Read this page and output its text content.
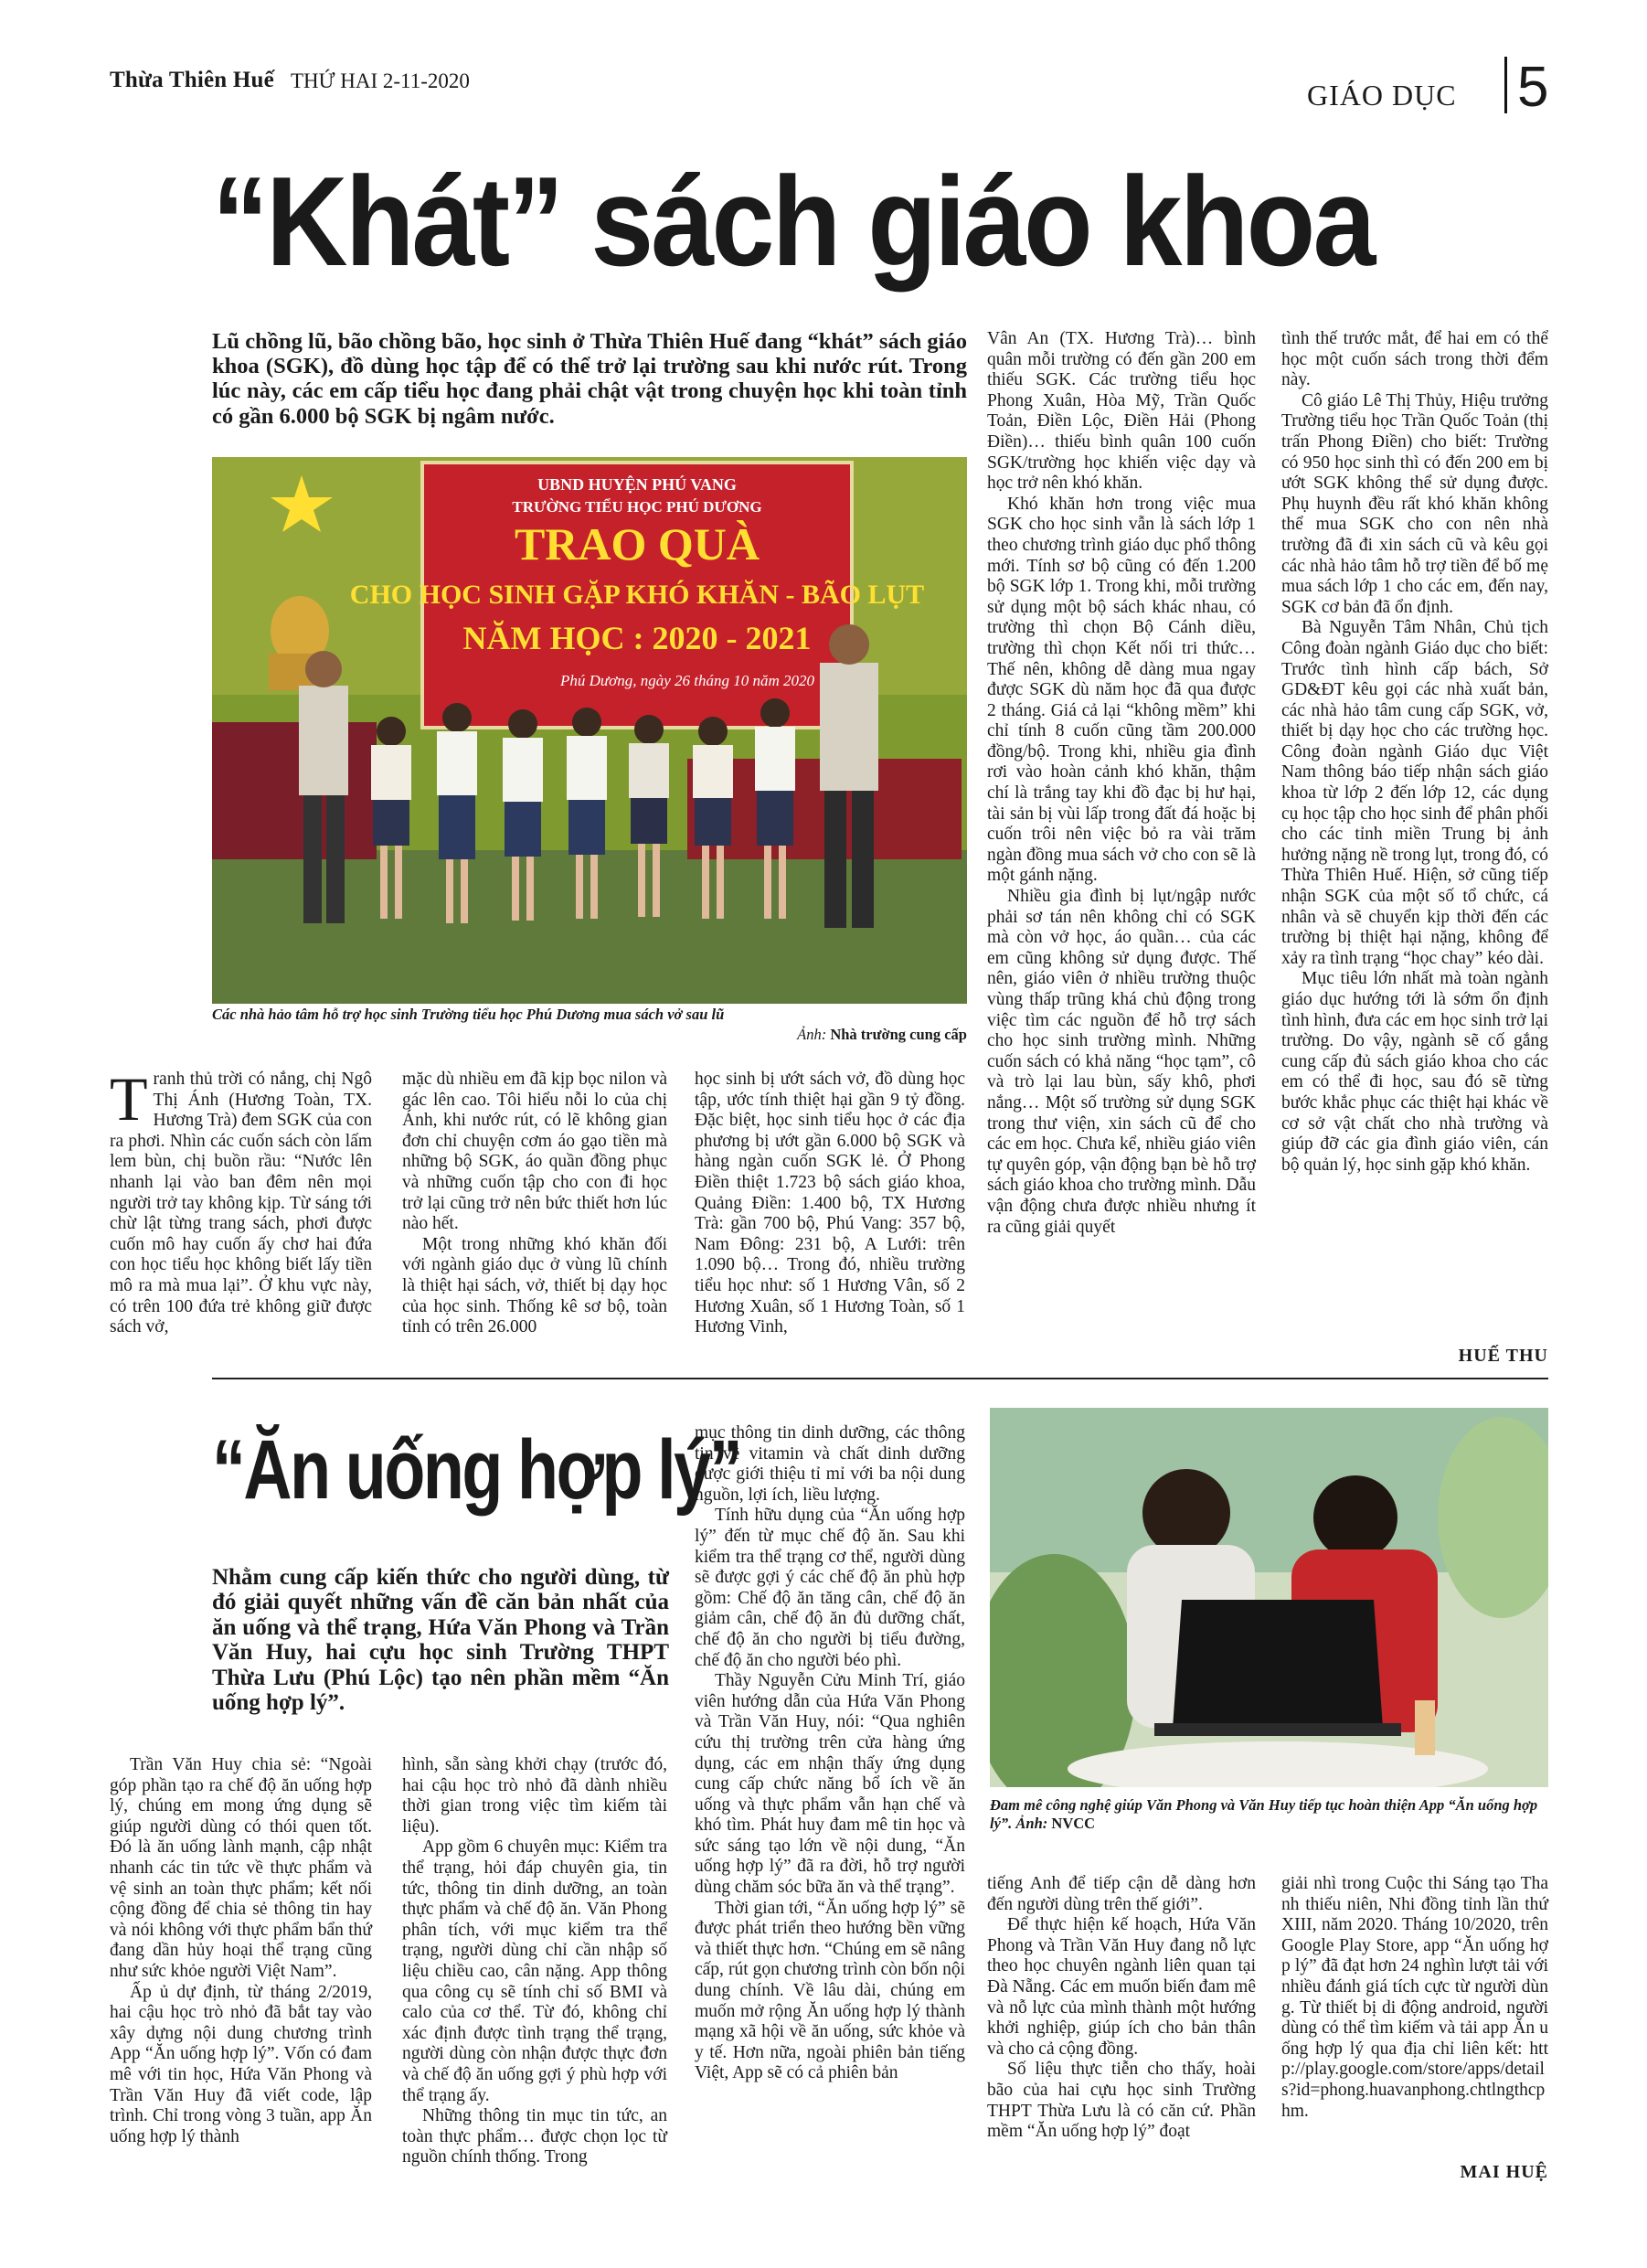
Thừa Thiên Huế THỨ HAI 2-11-2020	GIÁO DỤC 5
“Khát” sách giáo khoa
Lũ chồng lũ, bão chồng bão, học sinh ở Thừa Thiên Huế đang “khát” sách giáo khoa (SGK), đồ dùng học tập để có thể trở lại trường sau khi nước rút. Trong lúc này, các em cấp tiểu học đang phải chật vật trong chuyện học khi toàn tỉnh có gần 6.000 bộ SGK bị ngâm nước.
UBND HUYỆN PHÚ VANG
TRƯỜNG TIỂU HỌC PHÚ DƯƠNG
TRAO QUÀ
CHO HỌC SINH GẶP KHÓ KHĂN - BÃO LỤT
NĂM HỌC : 2020 - 2021
Phú Dương, ngày 26 tháng 10 năm 2020
Các nhà hảo tâm hỗ trợ học sinh Trường tiểu học Phú Dương mua sách vở sau lũ
Ảnh: Nhà trường cung cấp

Tranh thủ trời có nắng, chị Ngô Thị Ánh (Hương Toàn, TX. Hương Trà) đem SGK của con ra phơi. Nhìn các cuốn sách còn lấm lem bùn, chị buồn rầu: “Nước lên nhanh lại vào ban đêm nên mọi người trở tay không kịp. Từ sáng tới chừ lật từng trang sách, phơi được cuốn mô hay cuốn ấy chơ hai đứa con học tiểu học không biết lấy tiền mô ra mà mua lại”. Ở khu vực này, có trên 100 đứa trẻ không giữ được sách vở,

mặc dù nhiều em đã kịp bọc nilon và gác lên cao. Tôi hiểu nỗi lo của chị Ánh, khi nước rút, có lẽ không gian đơn chỉ chuyện cơm áo gạo tiền mà những bộ SGK, áo quần đồng phục và những cuốn tập cho con đi học trở lại cũng trở nên bức thiết hơn lúc nào hết.

Một trong những khó khăn đối với ngành giáo dục ở vùng lũ chính là thiệt hại sách, vở, thiết bị dạy học của học sinh. Thống kê sơ bộ, toàn tỉnh có trên 26.000

học sinh bị ướt sách vở, đồ dùng học tập, ước tính thiệt hại gần 9 tỷ đồng. Đặc biệt, học sinh tiểu học ở các địa phương bị ướt gần 6.000 bộ SGK và hàng ngàn cuốn SGK lẻ. Ở Phong Điền thiệt 1.723 bộ sách giáo khoa, Quảng Điền: 1.400 bộ, TX Hương Trà: gần 700 bộ, Phú Vang: 357 bộ, Nam Đông: 231 bộ, A Lưới: trên 1.090 bộ… Trong đó, nhiều trường tiểu học như: số 1 Hương Vân, số 2 Hương Xuân, số 1 Hương Toàn, số 1 Hương Vinh,

Vân An (TX. Hương Trà)… bình quân mỗi trường có đến gần 200 em thiếu SGK. Các trường tiểu học Phong Xuân, Hòa Mỹ, Trần Quốc Toản, Điền Lộc, Điền Hải (Phong Điền)… thiếu bình quân 100 cuốn SGK/trường học khiến việc dạy và học trở nên khó khăn.

Khó khăn hơn trong việc mua SGK cho học sinh vẫn là sách lớp 1 theo chương trình giáo dục phổ thông mới. Tính sơ bộ cũng có đến 1.200 bộ SGK lớp 1. Trong khi, mỗi trường sử dụng một bộ sách khác nhau, có trường thì chọn Bộ Cánh diều, trường thì chọn Kết nối tri thức… Thế nên, không dễ dàng mua ngay được SGK dù năm học đã qua được 2 tháng. Giá cả lại “không mềm” khi chỉ tính 8 cuốn cũng tầm 200.000 đồng/bộ. Trong khi, nhiều gia đình rơi vào hoàn cảnh khó khăn, thậm chí là trắng tay khi đồ đạc bị hư hại, tài sản bị vùi lấp trong đất đá hoặc bị cuốn trôi nên việc bỏ ra vài trăm ngàn đồng mua sách vở cho con sẽ là một gánh nặng.

Nhiều gia đình bị lụt/ngập nước phải sơ tán nên không chỉ có SGK mà còn vở học, áo quần… của các em cũng không sử dụng được. Thế nên, giáo viên ở nhiều trường thuộc vùng thấp trũng khá chủ động trong việc tìm các nguồn để hỗ trợ sách cho học sinh trường mình. Những cuốn sách có khả năng “học tạm”, cô và trò lại lau bùn, sấy khô, phơi nắng… Một số trường sử dụng SGK trong thư viện, xin sách cũ để cho các em học. Chưa kể, nhiều giáo viên tự quyên góp, vận động bạn bè hỗ trợ sách giáo khoa cho trường mình. Dẫu vận động chưa được nhiều nhưng ít ra cũng giải quyết

tình thế trước mắt, để hai em có thể học một cuốn sách trong thời đểm này.

Cô giáo Lê Thị Thủy, Hiệu trưởng Trường tiểu học Trần Quốc Toản (thị trấn Phong Điền) cho biết: Trường có 950 học sinh thì có đến 200 em bị ướt SGK không thể sử dụng được. Phụ huynh đều rất khó khăn không thể mua SGK cho con nên nhà trường đã đi xin sách cũ và kêu gọi các nhà hảo tâm hỗ trợ tiền để bố mẹ mua sách lớp 1 cho các em, đến nay, SGK cơ bản đã ổn định.

Bà Nguyễn Tâm Nhân, Chủ tịch Công đoàn ngành Giáo dục cho biết: Trước tình hình cấp bách, Sở GD&ĐT kêu gọi các nhà xuất bản, các nhà hảo tâm cung cấp SGK, vở, thiết bị dạy học cho các trường học. Công đoàn ngành Giáo dục Việt Nam thông báo tiếp nhận sách giáo khoa từ lớp 2 đến lớp 12, các dụng cụ học tập cho học sinh để phân phối cho các tỉnh miền Trung bị ảnh hưởng nặng nề trong lụt, trong đó, có Thừa Thiên Huế. Hiện, sở cũng tiếp nhận SGK của một số tổ chức, cá nhân và sẽ chuyển kịp thời đến các trường bị thiệt hại nặng, không để xảy ra tình trạng “học chay” kéo dài.

Mục tiêu lớn nhất mà toàn ngành giáo dục hướng tới là sớm ổn định tình hình, đưa các em học sinh trở lại trường. Do vậy, ngành sẽ cố gắng cung cấp đủ sách giáo khoa cho các em có thể đi học, sau đó sẽ từng bước khắc phục các thiệt hại khác về cơ sở vật chất cho nhà trường và giúp đỡ các gia đình giáo viên, cán bộ quản lý, học sinh gặp khó khăn.

HUẾ THU
“Ăn uống hợp lý”
Nhằm cung cấp kiến thức cho người dùng, từ đó giải quyết những vấn đề căn bản nhất của ăn uống và thể trạng, Hứa Văn Phong và Trần Văn Huy, hai cựu học sinh Trường THPT Thừa Lưu (Phú Lộc) tạo nên phần mềm “Ăn uống hợp lý”.
Đam mê công nghệ giúp Văn Phong và Văn Huy tiếp tục hoàn thiện App “Ăn uống hợp lý”. Ảnh: NVCC

Trần Văn Huy chia sẻ: “Ngoài góp phần tạo ra chế độ ăn uống hợp lý, chúng em mong ứng dụng sẽ giúp người dùng có thói quen tốt. Đó là ăn uống lành mạnh, cập nhật nhanh các tin tức về thực phẩm và vệ sinh an toàn thực phẩm; kết nối cộng đồng để chia sẻ thông tin hay và nói không với thực phẩm bẩn thứ đang dần hủy hoại thể trạng cũng như sức khỏe người Việt Nam”.

Ấp ủ dự định, từ tháng 2/2019, hai cậu học trò nhỏ đã bắt tay vào xây dựng nội dung chương trình App “Ăn uống hợp lý”. Vốn có đam mê với tin học, Hứa Văn Phong và Trần Văn Huy đã viết code, lập trình. Chỉ trong vòng 3 tuần, app Ăn uống hợp lý thành

hình, sẵn sàng khởi chạy (trước đó, hai cậu học trò nhỏ đã dành nhiều thời gian trong việc tìm kiếm tài liệu).

App gồm 6 chuyên mục: Kiểm tra thể trạng, hỏi đáp chuyên gia, tin tức, thông tin dinh dưỡng, an toàn thực phẩm và chế độ ăn. Văn Phong phân tích, với mục kiểm tra thể trạng, người dùng chỉ cần nhập số liệu chiều cao, cân nặng. App thông qua công cụ sẽ tính chỉ số BMI và calo của cơ thể. Từ đó, không chỉ xác định được tình trạng thể trạng, người dùng còn nhận được thực đơn và chế độ ăn uống gợi ý phù hợp với thể trạng ấy.

Những thông tin mục tin tức, an toàn thực phẩm… được chọn lọc từ nguồn chính thống. Trong

mục thông tin dinh dưỡng, các thông tin về vitamin và chất dinh dưỡng được giới thiệu tỉ mỉ với ba nội dung nguồn, lợi ích, liều lượng.

Tính hữu dụng của “Ăn uống hợp lý” đến từ mục chế độ ăn. Sau khi kiểm tra thể trạng cơ thể, người dùng sẽ được gợi ý các chế độ ăn phù hợp gồm: Chế độ ăn tăng cân, chế độ ăn giảm cân, chế độ ăn đủ dưỡng chất, chế độ ăn cho người bị tiểu đường, chế độ ăn cho người béo phì.

Thầy Nguyễn Cửu Minh Trí, giáo viên hướng dẫn của Hứa Văn Phong và Trần Văn Huy, nói: “Qua nghiên cứu thị trường trên cửa hàng ứng dụng, các em nhận thấy ứng dụng cung cấp chức năng bổ ích về ăn uống và thực phẩm vẫn hạn chế và khó tìm. Phát huy đam mê tin học và sức sáng tạo lớn về nội dung, “Ăn uống hợp lý” đã ra đời, hỗ trợ người dùng chăm sóc bữa ăn và thể trạng”.

Thời gian tới, “Ăn uống hợp lý” sẽ được phát triển theo hướng bền vững và thiết thực hơn. “Chúng em sẽ nâng cấp, rút gọn chương trình còn bốn nội dung chính. Về lâu dài, chúng em muốn mở rộng Ăn uống hợp lý thành mạng xã hội về ăn uống, sức khỏe và y tế. Hơn nữa, ngoài phiên bản tiếng Việt, App sẽ có cả phiên bản

tiếng Anh để tiếp cận dễ dàng hơn đến người dùng trên thế giới”.

Để thực hiện kế hoạch, Hứa Văn Phong và Trần Văn Huy đang nỗ lực theo học chuyên ngành liên quan tại Đà Nẵng. Các em muốn biến đam mê và nỗ lực của mình thành một hướng khởi nghiệp, giúp ích cho bản thân và cho cả cộng đồng.

Số liệu thực tiễn cho thấy, hoài bão của hai cựu học sinh Trường THPT Thừa Lưu là có căn cứ. Phần mềm “Ăn uống hợp lý” đoạt

giải nhì trong Cuộc thi Sáng tạo Thanh thiếu niên, Nhi đồng tỉnh lần thứ XIII, năm 2020. Tháng 10/2020, trên Google Play Store, app “Ăn uống hợp lý” đã đạt hơn 24 nghìn lượt tải với nhiều đánh giá tích cực từ người dùng. Từ thiết bị di động android, người dùng có thể tìm kiếm và tải app Ăn uống hợp lý qua địa chỉ liên kết: http://play.google.com/store/apps/details?id=phong.huavanphong.chtlngthcphm.

MAI HUỆ
